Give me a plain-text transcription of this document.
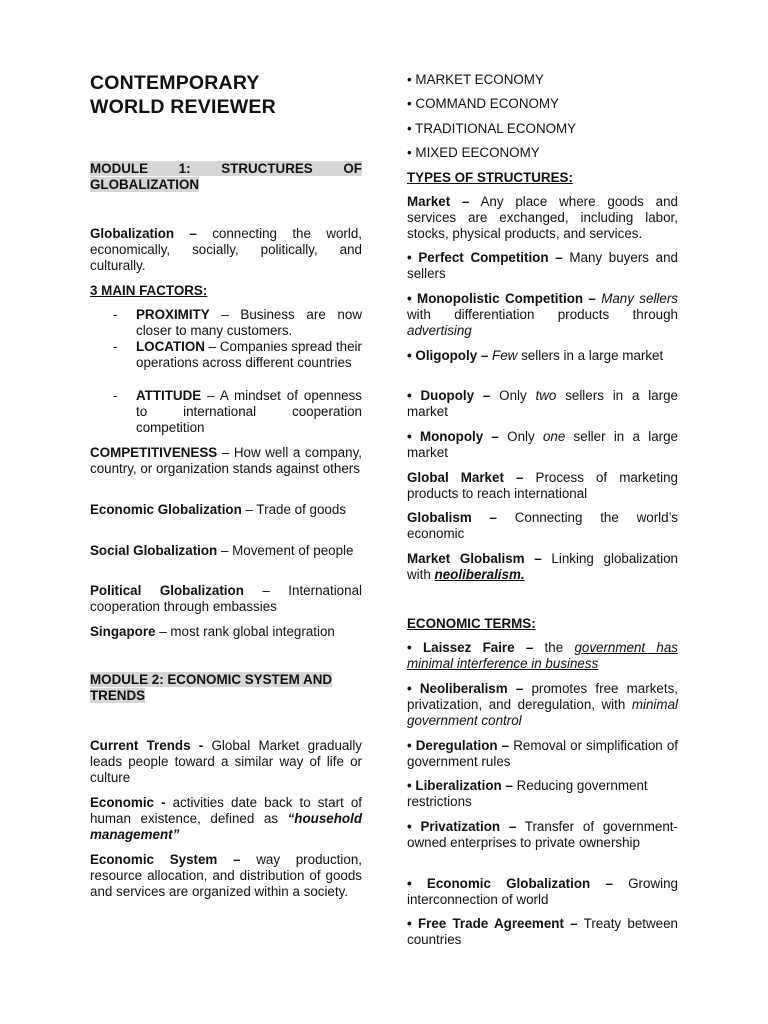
CONTEMPORARY
WORLD REVIEWER
MODULE 1: STRUCTURES OF
GLOBALIZATION
Globalization – connecting the world, economically, socially, politically, and culturally.
3 MAIN FACTORS:
- PROXIMITY – Business are now closer to many customers.
- LOCATION – Companies spread their operations across different countries
- ATTITUDE – A mindset of openness to international cooperation competition
COMPETITIVENESS – How well a company, country, or organization stands against others
Economic Globalization – Trade of goods
Social Globalization – Movement of people
Political Globalization – International cooperation through embassies
Singapore – most rank global integration
MODULE 2: ECONOMIC SYSTEM AND
TRENDS
Current Trends - Global Market gradually leads people toward a similar way of life or culture
Economic - activities date back to start of human existence, defined as “household management”
Economic System – way production, resource allocation, and distribution of goods and services are organized within a society.
• MARKET ECONOMY
• COMMAND ECONOMY
• TRADITIONAL ECONOMY
• MIXED EECONOMY
TYPES OF STRUCTURES:
Market – Any place where goods and services are exchanged, including labor, stocks, physical products, and services.
• Perfect Competition – Many buyers and sellers
• Monopolistic Competition – Many sellers with differentiation products through advertising
• Oligopoly – Few sellers in a large market
• Duopoly – Only two sellers in a large market
• Monopoly – Only one seller in a large market
Global Market – Process of marketing products to reach international
Globalism – Connecting the world’s economic
Market Globalism – Linking globalization with neoliberalism.
ECONOMIC TERMS:
• Laissez Faire – the government has minimal interference in business
• Neoliberalism – promotes free markets, privatization, and deregulation, with minimal government control
• Deregulation – Removal or simplification of government rules
• Liberalization – Reducing government restrictions
• Privatization – Transfer of government-owned enterprises to private ownership
• Economic Globalization – Growing interconnection of world
• Free Trade Agreement – Treaty between countries
